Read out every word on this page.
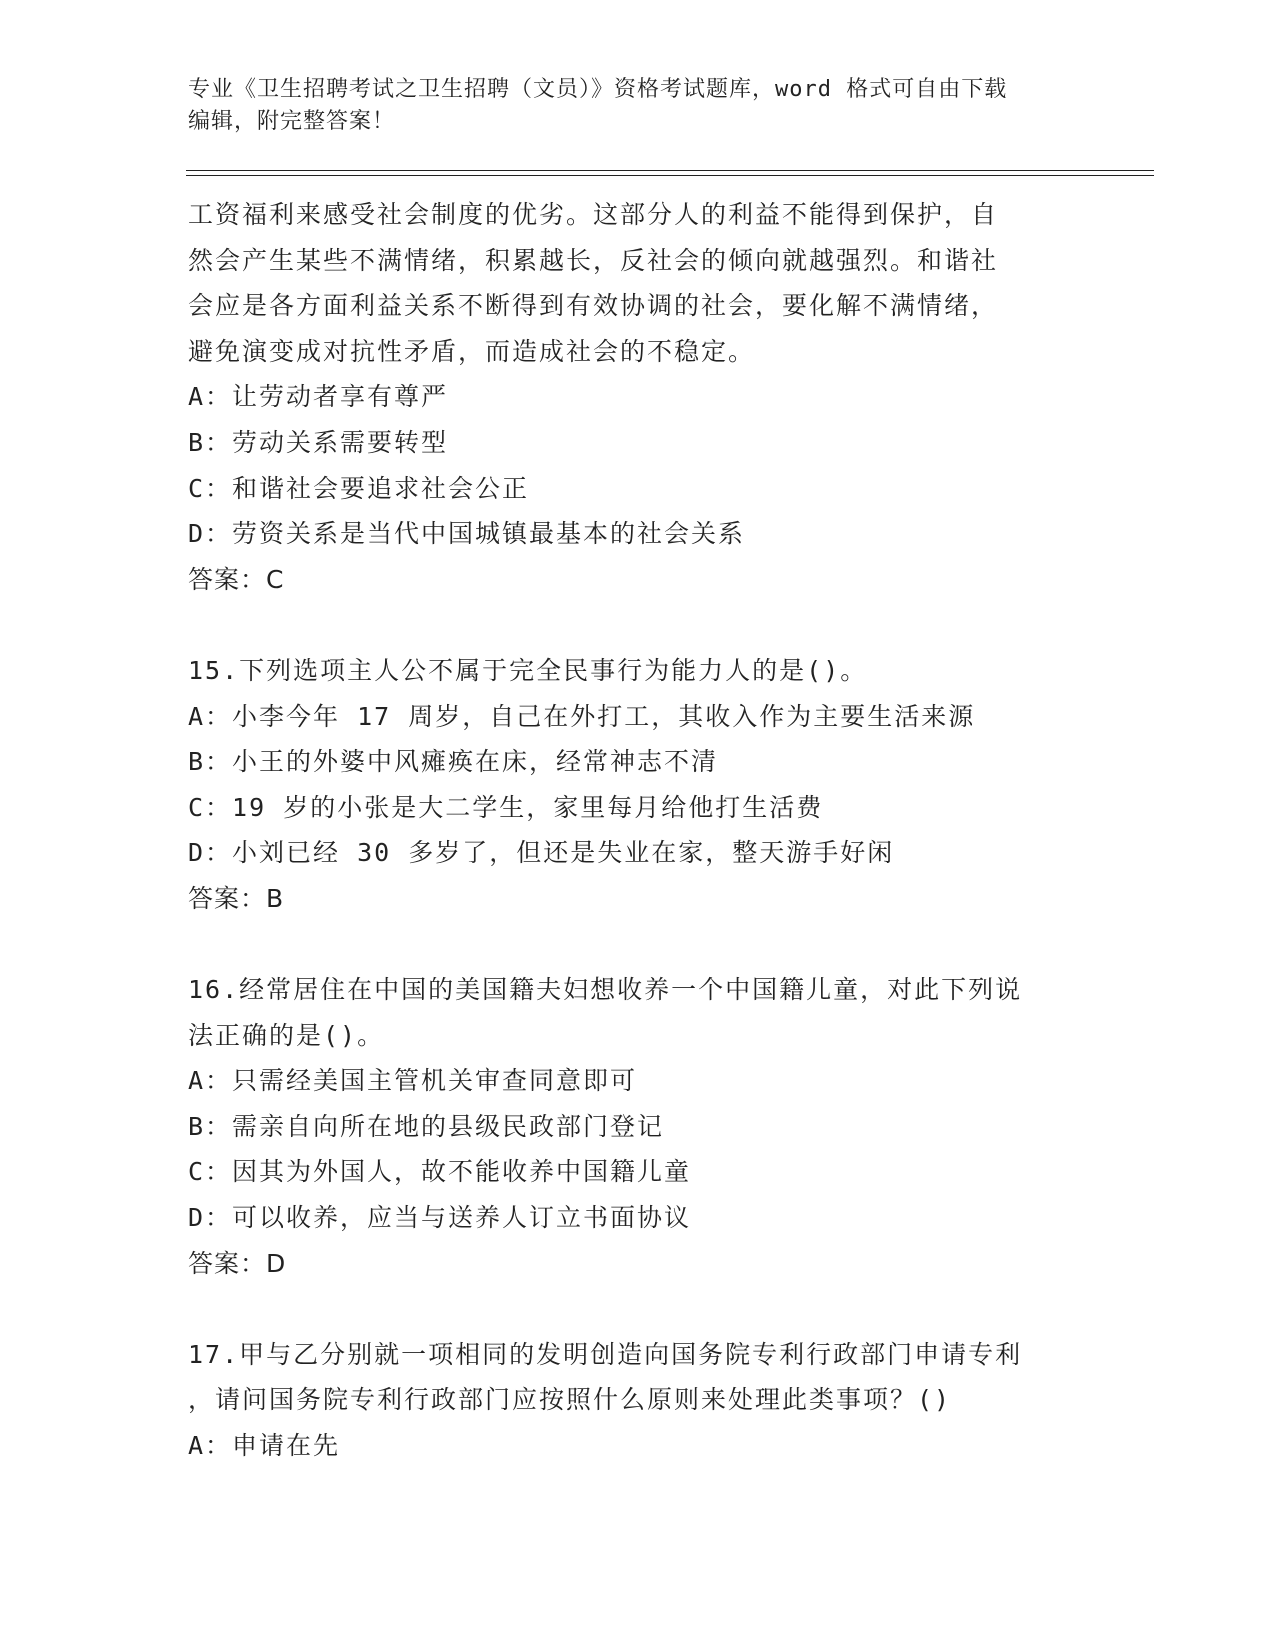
专业《卫生招聘考试之卫生招聘（文员）》资格考试题库，word 格式可自由下载
编辑，附完整答案！
工资福利来感受社会制度的优劣。这部分人的利益不能得到保护，自
然会产生某些不满情绪，积累越长，反社会的倾向就越强烈。和谐社
会应是各方面利益关系不断得到有效协调的社会，要化解不满情绪，
避免演变成对抗性矛盾，而造成社会的不稳定。
A：让劳动者享有尊严
B：劳动关系需要转型
C：和谐社会要追求社会公正
D：劳资关系是当代中国城镇最基本的社会关系
答案：C
15.下列选项主人公不属于完全民事行为能力人的是()。
A：小李今年 17 周岁，自己在外打工，其收入作为主要生活来源
B：小王的外婆中风瘫痪在床，经常神志不清
C：19 岁的小张是大二学生，家里每月给他打生活费
D：小刘已经 30 多岁了，但还是失业在家，整天游手好闲
答案：B
16.经常居住在中国的美国籍夫妇想收养一个中国籍儿童，对此下列说
法正确的是()。
A：只需经美国主管机关审查同意即可
B：需亲自向所在地的县级民政部门登记
C：因其为外国人，故不能收养中国籍儿童
D：可以收养，应当与送养人订立书面协议
答案：D
17.甲与乙分别就一项相同的发明创造向国务院专利行政部门申请专利
，请问国务院专利行政部门应按照什么原则来处理此类事项？()
A：申请在先
